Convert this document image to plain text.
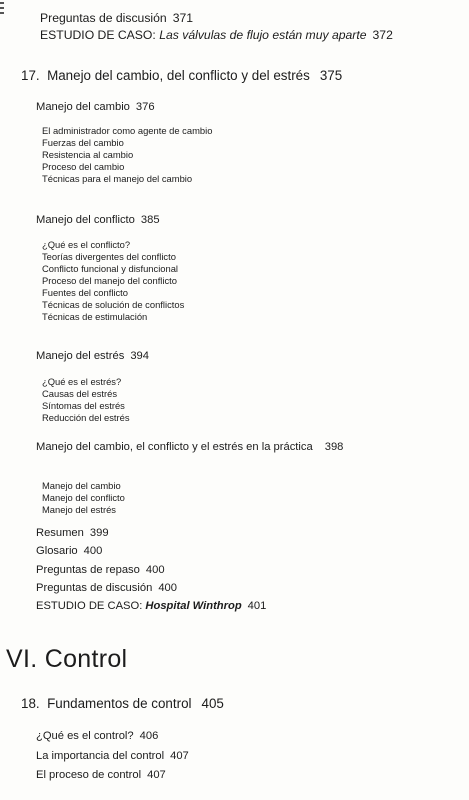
Preguntas de discusión 371
ESTUDIO DE CASO: Las válvulas de flujo están muy aparte 372
17. Manejo del cambio, del conflicto y del estrés 375
Manejo del cambio 376
El administrador como agente de cambio
Fuerzas del cambio
Resistencia al cambio
Proceso del cambio
Técnicas para el manejo del cambio
Manejo del conflicto 385
¿Qué es el conflicto?
Teorías divergentes del conflicto
Conflicto funcional y disfuncional
Proceso del manejo del conflicto
Fuentes del conflicto
Técnicas de solución de conflictos
Técnicas de estimulación
Manejo del estrés 394
¿Qué es el estrés?
Causas del estrés
Síntomas del estrés
Reducción del estrés
Manejo del cambio, el conflicto y el estrés en la práctica 398
Manejo del cambio
Manejo del conflicto
Manejo del estrés
Resumen 399
Glosario 400
Preguntas de repaso 400
Preguntas de discusión 400
ESTUDIO DE CASO: Hospital Winthrop 401
VI. Control
18. Fundamentos de control 405
¿Qué es el control? 406
La importancia del control 407
El proceso de control 407
